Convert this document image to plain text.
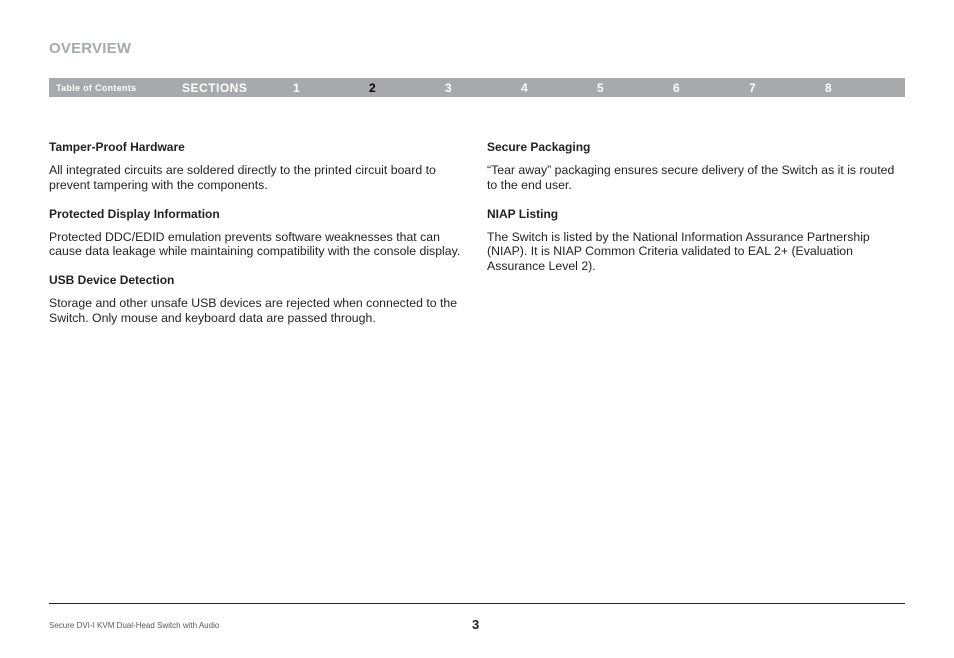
OVERVIEW
Table of Contents	SECTIONS	1	2	3	4	5	6	7	8
Tamper-Proof Hardware

All integrated circuits are soldered directly to the printed circuit board to prevent tampering with the components.

Protected Display Information

Protected DDC/EDID emulation prevents software weaknesses that can cause data leakage while maintaining compatibility with the console display.

USB Device Detection

Storage and other unsafe USB devices are rejected when connected to the Switch. Only mouse and keyboard data are passed through.

Secure Packaging

“Tear away” packaging ensures secure delivery of the Switch as it is routed to the end user.

NIAP Listing

The Switch is listed by the National Information Assurance Partnership (NIAP). It is NIAP Common Criteria validated to EAL 2+ (Evaluation Assurance Level 2).

Secure DVI-I KVM Dual-Head Switch with Audio	3
